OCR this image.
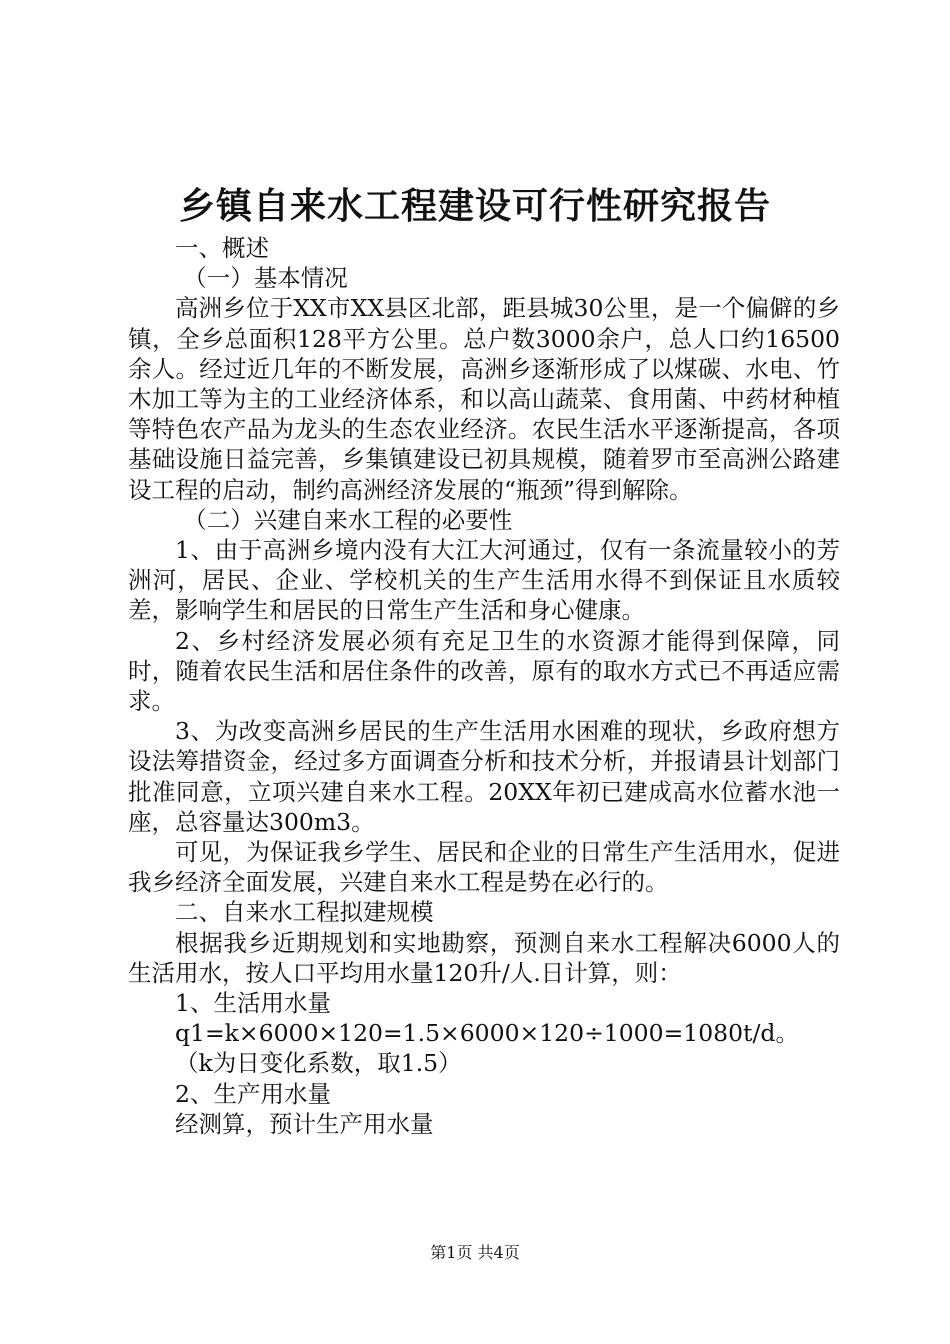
乡镇自来水工程建设可行性研究报告

一、概述

（一）基本情况

高洲乡位于XX市XX县区北部，距县城30公里，是一个偏僻的乡镇，全乡总面积128平方公里。总户数3000余户，总人口约16500余人。经过近几年的不断发展，高洲乡逐渐形成了以煤碳、水电、竹木加工等为主的工业经济体系，和以高山蔬菜、食用菌、中药材种植等特色农产品为龙头的生态农业经济。农民生活水平逐渐提高，各项基础设施日益完善，乡集镇建设已初具规模，随着罗市至高洲公路建设工程的启动，制约高洲经济发展的“瓶颈”得到解除。

（二）兴建自来水工程的必要性

1、由于高洲乡境内没有大江大河通过，仅有一条流量较小的芳洲河，居民、企业、学校机关的生产生活用水得不到保证且水质较差，影响学生和居民的日常生产生活和身心健康。

2、乡村经济发展必须有充足卫生的水资源才能得到保障，同时，随着农民生活和居住条件的改善，原有的取水方式已不再适应需求。

3、为改变高洲乡居民的生产生活用水困难的现状，乡政府想方设法筹措资金，经过多方面调查分析和技术分析，并报请县计划部门批准同意，立项兴建自来水工程。20XX年初已建成高水位蓄水池一座，总容量达300m3。

可见，为保证我乡学生、居民和企业的日常生产生活用水，促进我乡经济全面发展，兴建自来水工程是势在必行的。

二、自来水工程拟建规模

根据我乡近期规划和实地勘察，预测自来水工程解决6000人的生活用水，按人口平均用水量120升/人.日计算，则：

1、生活用水量

q1=k×6000×120=1.5×6000×120÷1000=1080t/d。

（k为日变化系数，取1.5）

2、生产用水量

经测算，预计生产用水量

第1页 共4页
